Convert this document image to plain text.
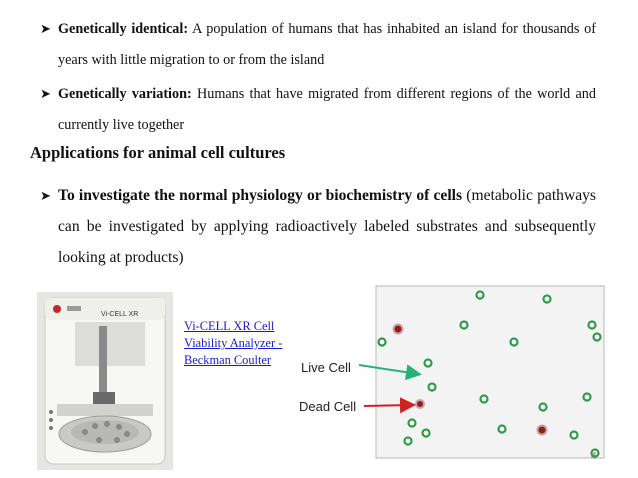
➤ Genetically identical: A population of humans that has inhabited an island for thousands of years with little migration to or from the island
➤ Genetically variation: Humans that have migrated from different regions of the world and currently live together
Applications for animal cell cultures
➤ To investigate the normal physiology or biochemistry of cells (metabolic pathways can be investigated by applying radioactively labeled substrates and subsequently looking at products)
Vi-CELL XR
Vi-CELL XR Cell
Viability Analyzer -
Beckman Coulter	Live Cell
Dead Cell
4
